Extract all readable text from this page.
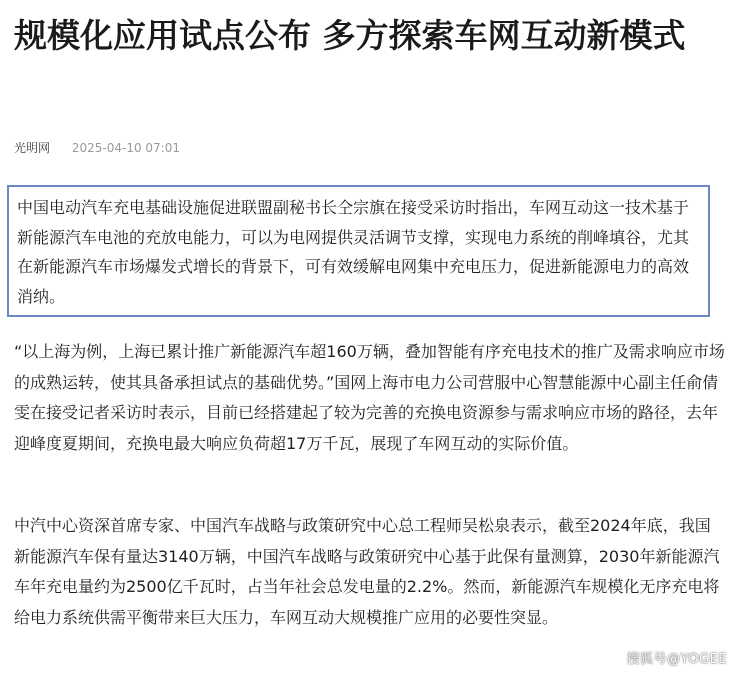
规模化应用试点公布 多方探索车网互动新模式
光明网 2025-04-10 07:01
中国电动汽车充电基础设施促进联盟副秘书长仝宗旗在接受采访时指出，车网互动这一技术基于新能源汽车电池的充放电能力，可以为电网提供灵活调节支撑，实现电力系统的削峰填谷，尤其在新能源汽车市场爆发式增长的背景下，可有效缓解电网集中充电压力，促进新能源电力的高效消纳。

“以上海为例，上海已累计推广新能源汽车超160万辆，叠加智能有序充电技术的推广及需求响应市场的成熟运转，使其具备承担试点的基础优势。”国网上海市电力公司营服中心智慧能源中心副主任俞倩雯在接受记者采访时表示，目前已经搭建起了较为完善的充换电资源参与需求响应市场的路径，去年迎峰度夏期间，充换电最大响应负荷超17万千瓦，展现了车网互动的实际价值。

中汽中心资深首席专家、中国汽车战略与政策研究中心总工程师吴松泉表示，截至2024年底，我国新能源汽车保有量达3140万辆，中国汽车战略与政策研究中心基于此保有量测算，2030年新能源汽车年充电量约为2500亿千瓦时，占当年社会总发电量的2.2%。然而，新能源汽车规模化无序充电将给电力系统供需平衡带来巨大压力，车网互动大规模推广应用的必要性突显。

搜狐号@YOGEE
